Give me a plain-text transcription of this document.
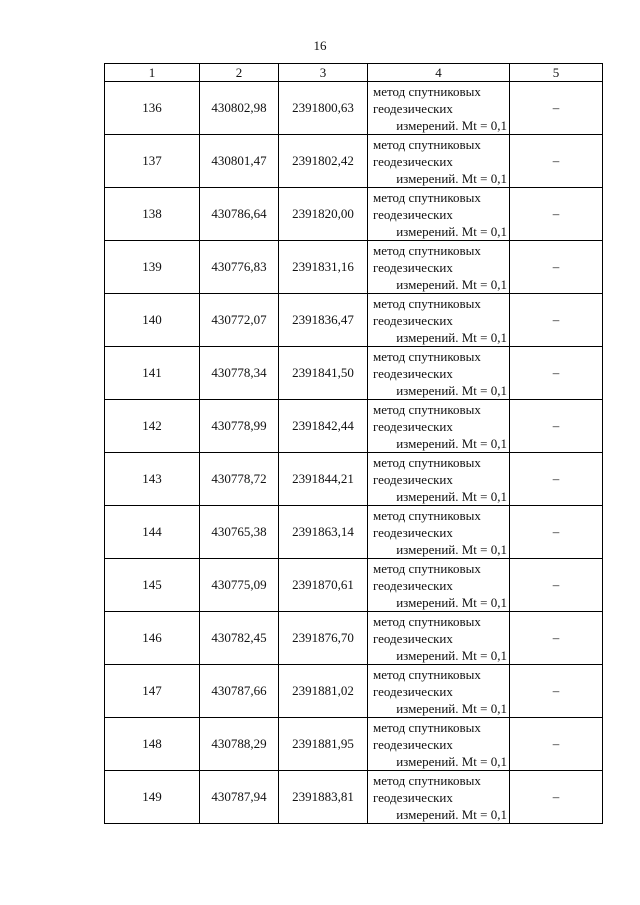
16
1	2	3	4	5
136	430802,98	2391800,63	метод спутниковых
геодезических
измерений. Mt = 0,1	–
137	430801,47	2391802,42	метод спутниковых
геодезических
измерений. Mt = 0,1	–
138	430786,64	2391820,00	метод спутниковых
геодезических
измерений. Mt = 0,1	–
139	430776,83	2391831,16	метод спутниковых
геодезических
измерений. Mt = 0,1	–
140	430772,07	2391836,47	метод спутниковых
геодезических
измерений. Mt = 0,1	–
141	430778,34	2391841,50	метод спутниковых
геодезических
измерений. Mt = 0,1	–
142	430778,99	2391842,44	метод спутниковых
геодезических
измерений. Mt = 0,1	–
143	430778,72	2391844,21	метод спутниковых
геодезических
измерений. Mt = 0,1	–
144	430765,38	2391863,14	метод спутниковых
геодезических
измерений. Mt = 0,1	–
145	430775,09	2391870,61	метод спутниковых
геодезических
измерений. Mt = 0,1	–
146	430782,45	2391876,70	метод спутниковых
геодезических
измерений. Mt = 0,1	–
147	430787,66	2391881,02	метод спутниковых
геодезических
измерений. Mt = 0,1	–
148	430788,29	2391881,95	метод спутниковых
геодезических
измерений. Mt = 0,1	–
149	430787,94	2391883,81	метод спутниковых
геодезических
измерений. Mt = 0,1	–
